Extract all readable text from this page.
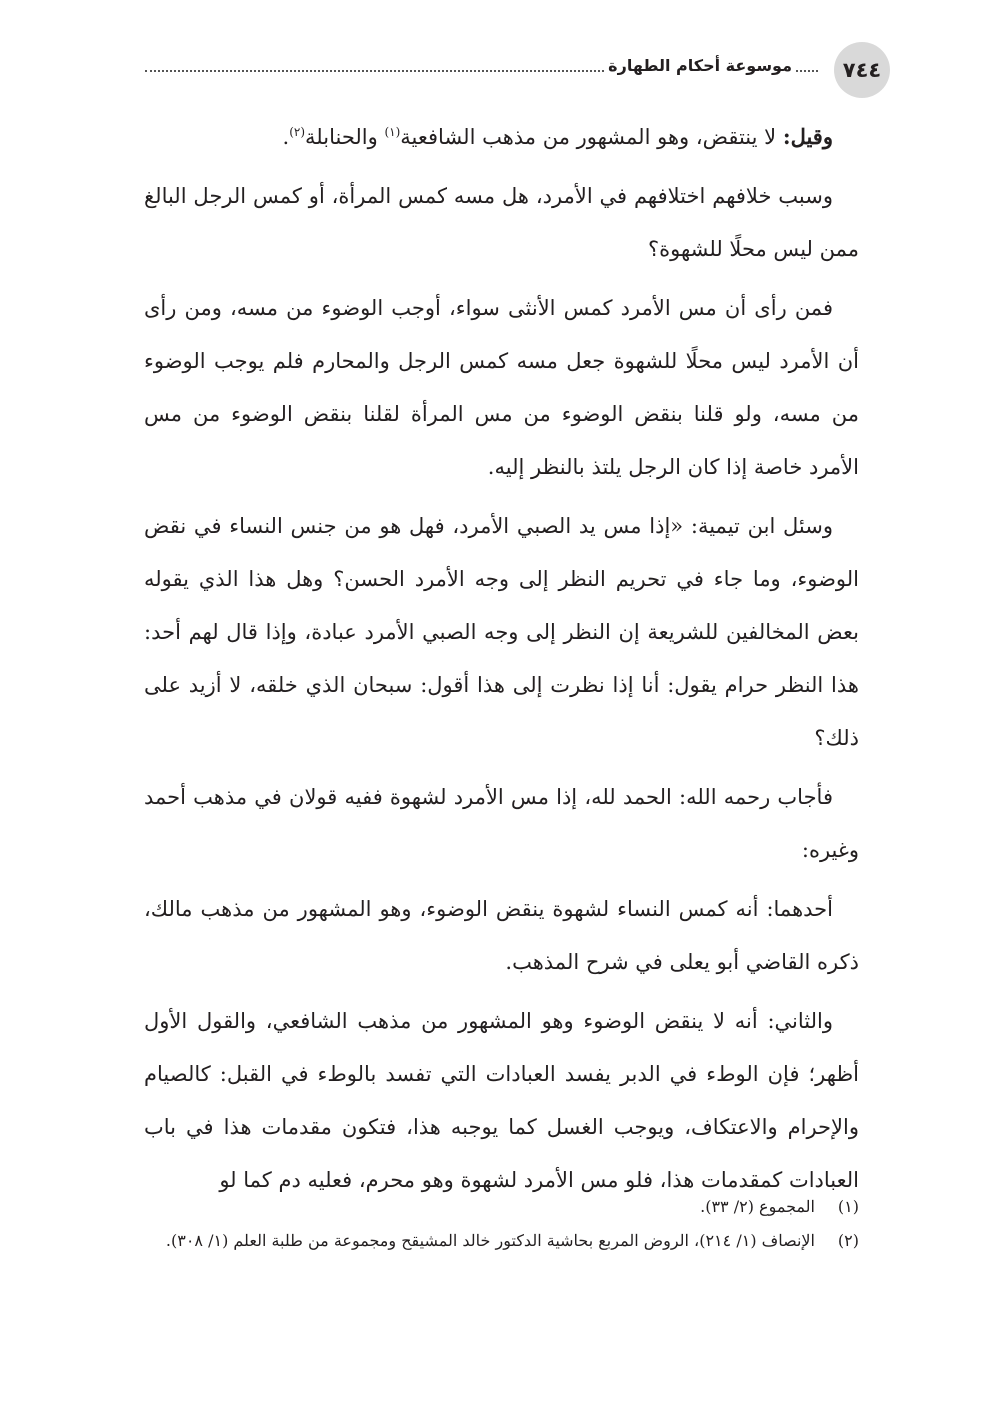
٧٤٤
موسوعة أحكام الطهارة

وقيل: لا ينتقض، وهو المشهور من مذهب الشافعية$^{(١)}$ والحنابلة$^{(٢)}$.

وسبب خلافهم اختلافهم في الأمرد، هل مسه كمس المرأة، أو كمس الرجل البالغ ممن ليس محلًا للشهوة؟

فمن رأى أن مس الأمرد كمس الأنثى سواء، أوجب الوضوء من مسه، ومن رأى أن الأمرد ليس محلًا للشهوة جعل مسه كمس الرجل والمحارم فلم يوجب الوضوء من مسه، ولو قلنا بنقض الوضوء من مس المرأة لقلنا بنقض الوضوء من مس الأمرد خاصة إذا كان الرجل يلتذ بالنظر إليه.

وسئل ابن تيمية: «إذا مس يد الصبي الأمرد، فهل هو من جنس النساء في نقض الوضوء، وما جاء في تحريم النظر إلى وجه الأمرد الحسن؟ وهل هذا الذي يقوله بعض المخالفين للشريعة إن النظر إلى وجه الصبي الأمرد عبادة، وإذا قال لهم أحد: هذا النظر حرام يقول: أنا إذا نظرت إلى هذا أقول: سبحان الذي خلقه، لا أزيد على ذلك؟

فأجاب رحمه الله: الحمد لله، إذا مس الأمرد لشهوة ففيه قولان في مذهب أحمد وغيره:

أحدهما: أنه كمس النساء لشهوة ينقض الوضوء، وهو المشهور من مذهب مالك، ذكره القاضي أبو يعلى في شرح المذهب.

والثاني: أنه لا ينقض الوضوء وهو المشهور من مذهب الشافعي، والقول الأول أظهر؛ فإن الوطء في الدبر يفسد العبادات التي تفسد بالوطء في القبل: كالصيام والإحرام والاعتكاف، ويوجب الغسل كما يوجبه هذا، فتكون مقدمات هذا في باب العبادات كمقدمات هذا، فلو مس الأمرد لشهوة وهو محرم، فعليه دم كما لو

(١)
المجموع (٢/ ٣٣).
(٢)
الإنصاف (١/ ٢١٤)، الروض المربع بحاشية الدكتور خالد المشيقح ومجموعة من طلبة العلم (١/ ٣٠٨).
